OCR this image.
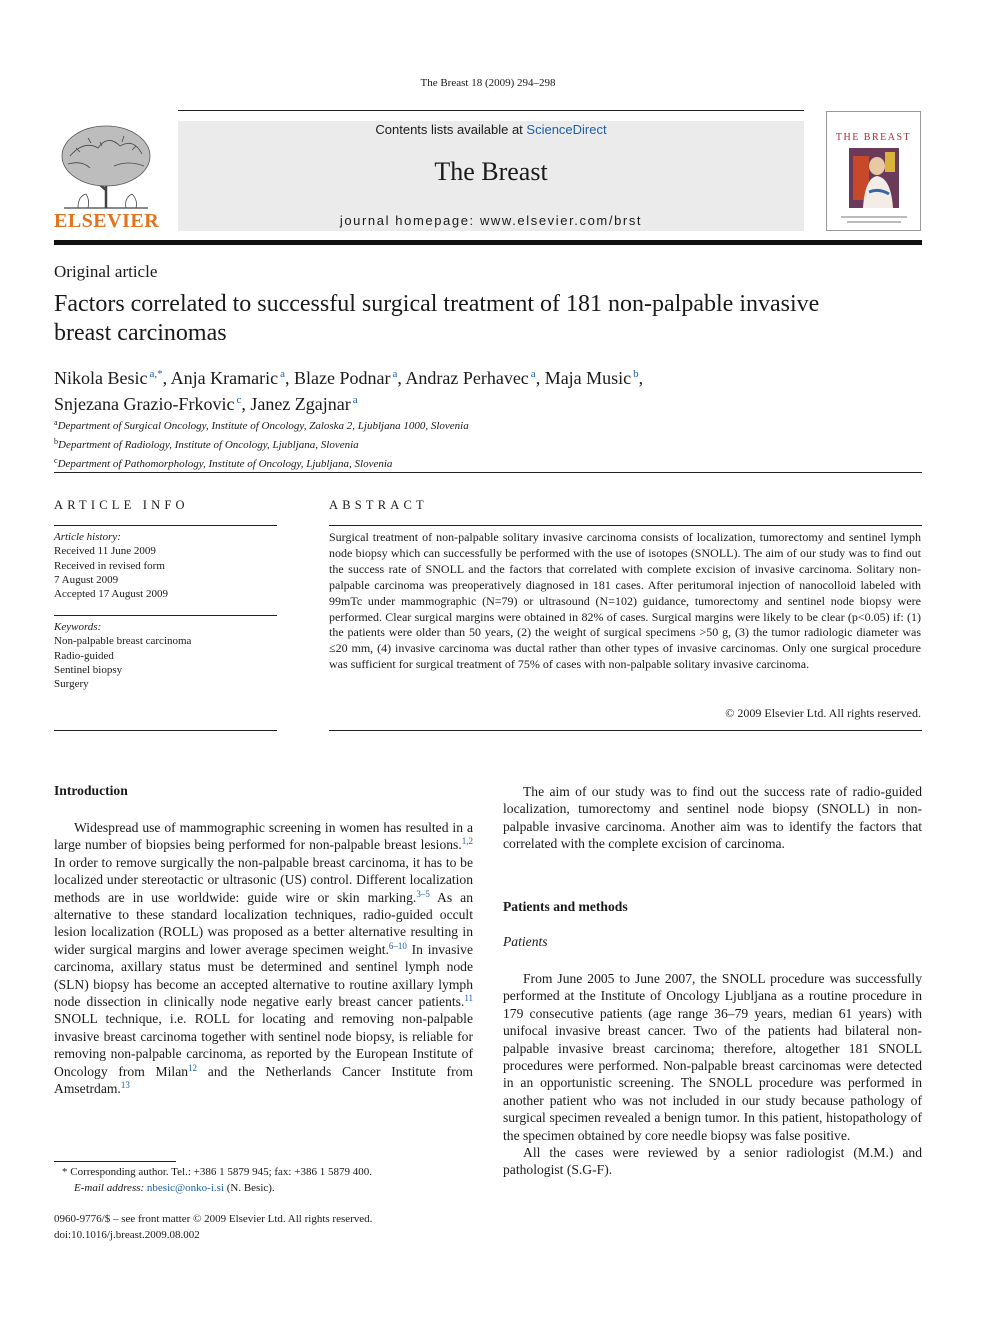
The Breast 18 (2009) 294–298
ELSEVIER
Contents lists available at ScienceDirect
The Breast
journal homepage: www.elsevier.com/brst
THE BREAST
Original article
Factors correlated to successful surgical treatment of 181 non-palpable invasive breast carcinomas
Nikola Besic $^{a,*}$, Anja Kramaric $^a$, Blaze Podnar $^a$, Andraz Perhavec $^a$, Maja Music $^b$,
Snjezana Grazio-Frkovic $^c$, Janez Zgajnar $^a$
$^a$Department of Surgical Oncology, Institute of Oncology, Zaloska 2, Ljubljana 1000, Slovenia
$^b$Department of Radiology, Institute of Oncology, Ljubljana, Slovenia
$^c$Department of Pathomorphology, Institute of Oncology, Ljubljana, Slovenia
ARTICLE INFO	ABSTRACT
Article history:
Received 11 June 2009
Received in revised form
7 August 2009
Accepted 17 August 2009
Keywords:
Non-palpable breast carcinoma
Radio-guided
Sentinel biopsy
Surgery
Surgical treatment of non-palpable solitary invasive carcinoma consists of localization, tumorectomy and sentinel lymph node biopsy which can successfully be performed with the use of isotopes (SNOLL). The aim of our study was to find out the success rate of SNOLL and the factors that correlated with complete excision of invasive carcinoma. Solitary non-palpable carcinoma was preoperatively diagnosed in 181 cases. After peritumoral injection of nanocolloid labeled with 99mTc under mammographic (N=79) or ultrasound (N=102) guidance, tumorectomy and sentinel node biopsy were performed. Clear surgical margins were obtained in 82% of cases. Surgical margins were likely to be clear (p<0.05) if: (1) the patients were older than 50 years, (2) the weight of surgical specimens >50 g, (3) the tumor radiologic diameter was ≤20 mm, (4) invasive carcinoma was ductal rather than other types of invasive carcinomas. Only one surgical procedure was sufficient for surgical treatment of 75% of cases with non-palpable solitary invasive carcinoma.
© 2009 Elsevier Ltd. All rights reserved.
Introduction

Widespread use of mammographic screening in women has resulted in a large number of biopsies being performed for non-palpable breast lesions.$^{1,2}$ In order to remove surgically the non-palpable breast carcinoma, it has to be localized under stereotactic or ultrasonic (US) control. Different localization methods are in use worldwide: guide wire or skin marking.$^{3-5}$ As an alternative to these standard localization techniques, radio-guided occult lesion localization (ROLL) was proposed as a better alternative resulting in wider surgical margins and lower average specimen weight.$^{6-10}$ In invasive carcinoma, axillary status must be determined and sentinel lymph node (SLN) biopsy has become an accepted alternative to routine axillary lymph node dissection in clinically node negative early breast cancer patients.$^{11}$ SNOLL technique, i.e. ROLL for locating and removing non-palpable invasive breast carcinoma together with sentinel node biopsy, is reliable for removing non-palpable carcinoma, as reported by the European Institute of Oncology from Milan$^{12}$ and the Netherlands Cancer Institute from Amsetrdam.$^{13}$

The aim of our study was to find out the success rate of radio-guided localization, tumorectomy and sentinel node biopsy (SNOLL) in non-palpable invasive carcinoma. Another aim was to identify the factors that correlated with the complete excision of carcinoma.

Patients and methods
Patients

From June 2005 to June 2007, the SNOLL procedure was successfully performed at the Institute of Oncology Ljubljana as a routine procedure in 179 consecutive patients (age range 36–79 years, median 61 years) with unifocal invasive breast cancer. Two of the patients had bilateral non-palpable invasive breast carcinoma; therefore, altogether 181 SNOLL procedures were performed. Non-palpable breast carcinomas were detected in an opportunistic screening. The SNOLL procedure was performed in another patient who was not included in our study because pathology of surgical specimen revealed a benign tumor. In this patient, histopathology of the specimen obtained by core needle biopsy was false positive.

All the cases were reviewed by a senior radiologist (M.M.) and pathologist (S.G-F).

* Corresponding author. Tel.: +386 1 5879 945; fax: +386 1 5879 400.
E-mail address: nbesic@onko-i.si (N. Besic).
0960-9776/$ – see front matter © 2009 Elsevier Ltd. All rights reserved.
doi:10.1016/j.breast.2009.08.002
